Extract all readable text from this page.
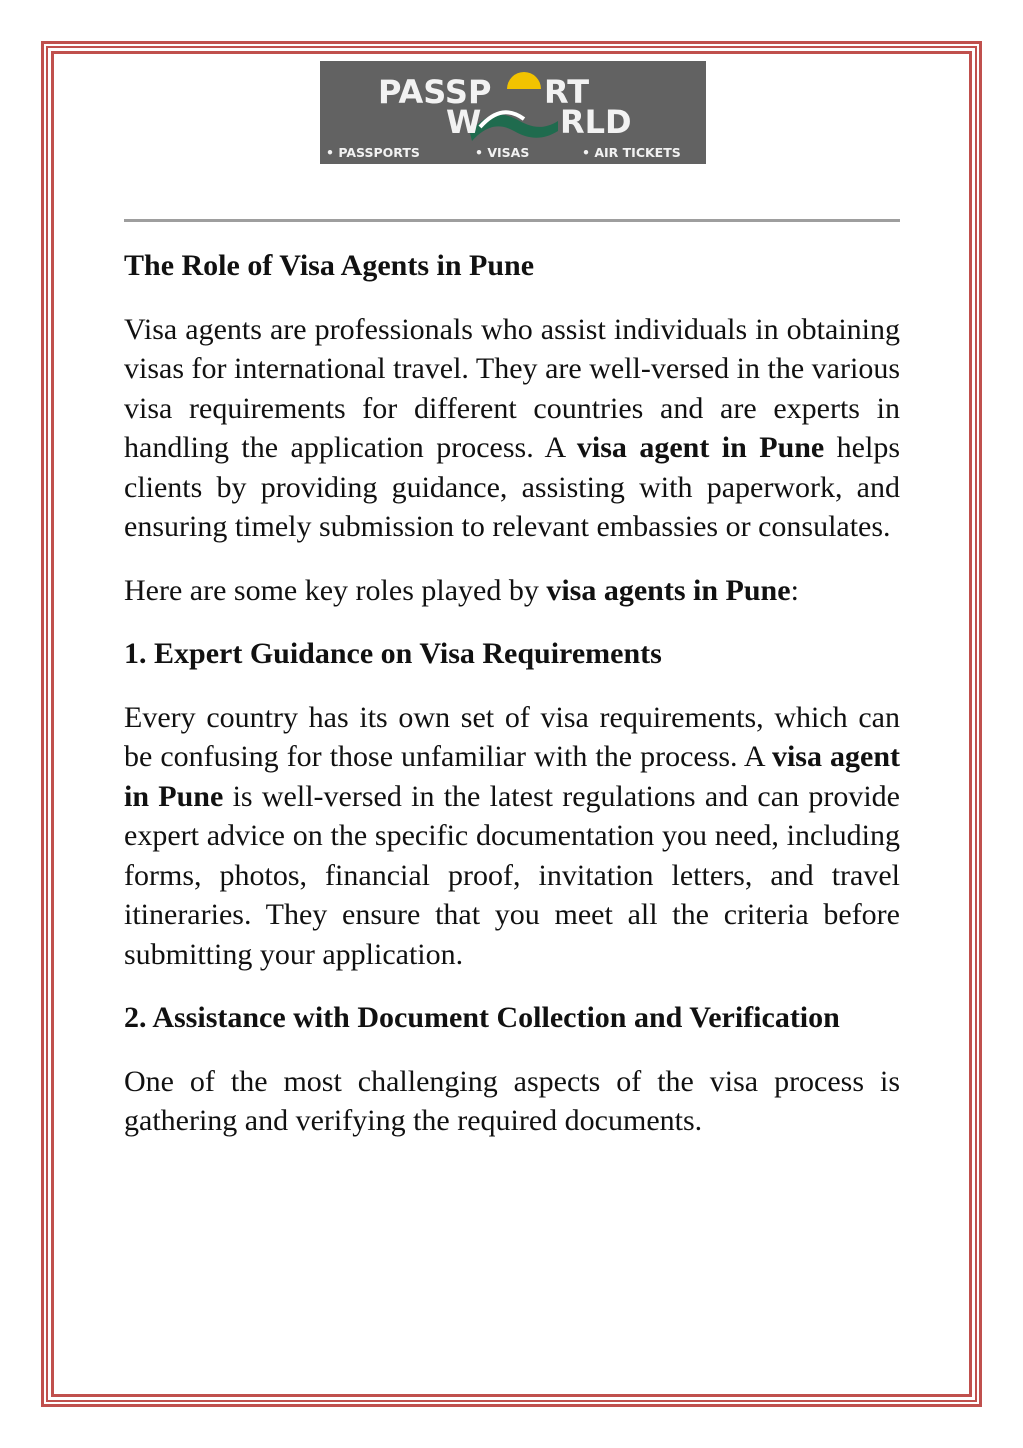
PASSP RT
W RLD
• PASSPORTS	• VISAS	• AIR TICKETS

The Role of Visa Agents in Pune

Visa agents are professionals who assist individuals in obtaining visas for international travel. They are well-versed in the various visa requirements for different countries and are experts in handling the application process. A visa agent in Pune helps clients by providing guidance, assisting with paperwork, and ensuring timely submission to relevant embassies or consulates.

Here are some key roles played by visa agents in Pune:

1. Expert Guidance on Visa Requirements

Every country has its own set of visa requirements, which can be confusing for those unfamiliar with the process. A visa agent in Pune is well-versed in the latest regulations and can provide expert advice on the specific documentation you need, including forms, photos, financial proof, invitation letters, and travel itineraries. They ensure that you meet all the criteria before submitting your application.

2. Assistance with Document Collection and Verification

One of the most challenging aspects of the visa process is gathering and verifying the required documents.
